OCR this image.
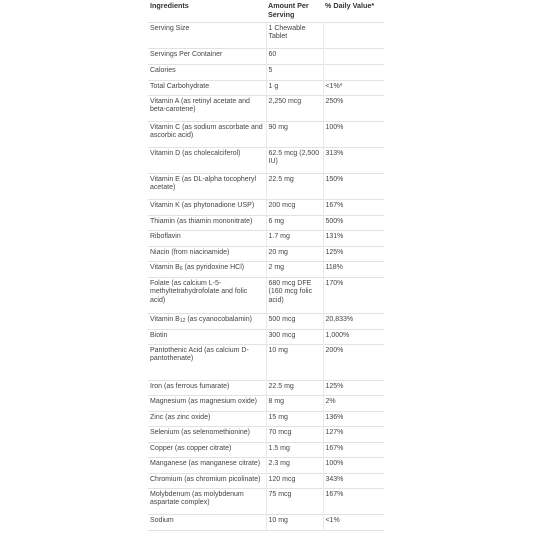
Ingredients	Amount Per Serving	% Daily Value*
Serving Size	1 Chewable Tablet	
Servings Per Container	60	
Calories	5	
Total Carbohydrate	1 g	<1%*
Vitamin A (as retinyl acetate and beta-carotene)	2,250 mcg	250%
Vitamin C (as sodium ascorbate and ascorbic acid)	90 mg	100%
Vitamin D (as cholecalciferol)	62.5 mcg (2,500 IU)	313%
Vitamin E (as DL-alpha tocopheryl acetate)	22.5 mg	150%
Vitamin K (as phytonadione USP)	200 mcg	167%
Thiamin (as thiamin mononitrate)	6 mg	500%
Riboflavin	1.7 mg	131%
Niacin (from niacinamide)	20 mg	125%
Vitamin $B_6$ (as pyridoxine HCl)	2 mg	118%
Folate (as calcium L-5-methyltetrahydrofolate and folic acid)	680 mcg DFE (160 mcg folic acid)	170%
Vitamin $B_{12}$ (as cyanocobalamin)	500 mcg	20,833%
Biotin	300 mcg	1,000%
Pantothenic Acid (as calcium D-pantothenate)	10 mg	200%
Iron (as ferrous fumarate)	22.5 mg	125%
Magnesium (as magnesium oxide)	8 mg	2%
Zinc (as zinc oxide)	15 mg	136%
Selenium (as selenomethionine)	70 mcg	127%
Copper (as copper citrate)	1.5 mg	167%
Manganese (as manganese citrate)	2.3 mg	100%
Chromium (as chromium picolinate)	120 mcg	343%
Molybdenum (as molybdenum aspartate complex)	75 mcg	167%
Sodium	10 mg	<1%
